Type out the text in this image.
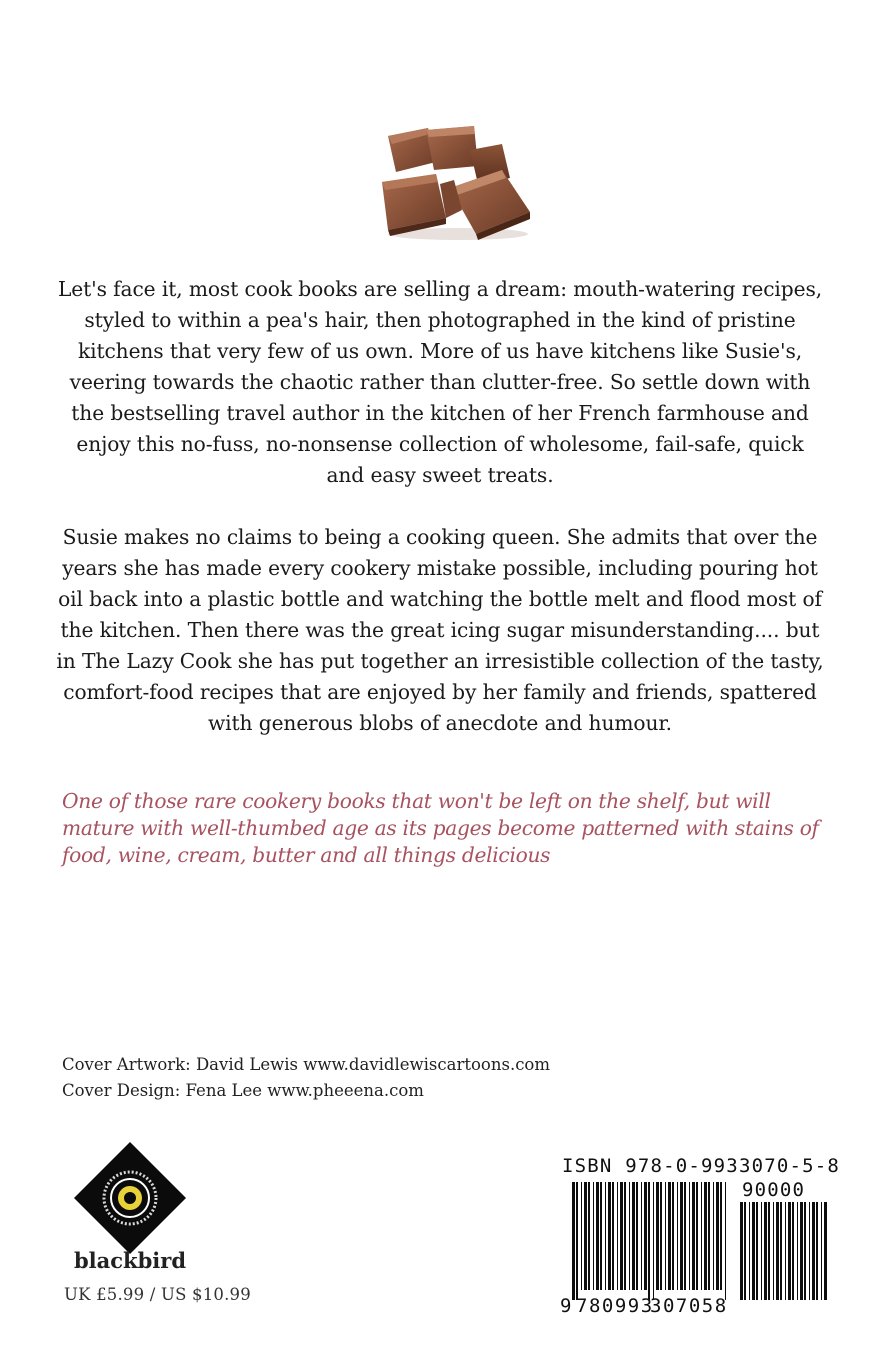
Let's face it, most cook books are selling a dream: mouth-watering recipes, styled to within a pea's hair, then photographed in the kind of pristine kitchens that very few of us own. More of us have kitchens like Susie's, veering towards the chaotic rather than clutter-free. So settle down with the bestselling travel author in the kitchen of her French farmhouse and enjoy this no-fuss, no-nonsense collection of wholesome, fail-safe, quick and easy sweet treats.
Susie makes no claims to being a cooking queen. She admits that over the years she has made every cookery mistake possible, including pouring hot oil back into a plastic bottle and watching the bottle melt and flood most of the kitchen. Then there was the great icing sugar misunderstanding.... but in The Lazy Cook she has put together an irresistible collection of the tasty, comfort-food recipes that are enjoyed by her family and friends, spattered with generous blobs of anecdote and humour.
One of those rare cookery books that won't be left on the shelf, but will mature with well-thumbed age as its pages become patterned with stains of food, wine, cream, butter and all things delicious
Cover Artwork: David Lewis www.davidlewiscartoons.com
Cover Design: Fena Lee www.pheeena.com
blackbird
UK £5.99 / US $10.99
ISBN 978-0-9933070-5-8
9 780993
307058
90000
